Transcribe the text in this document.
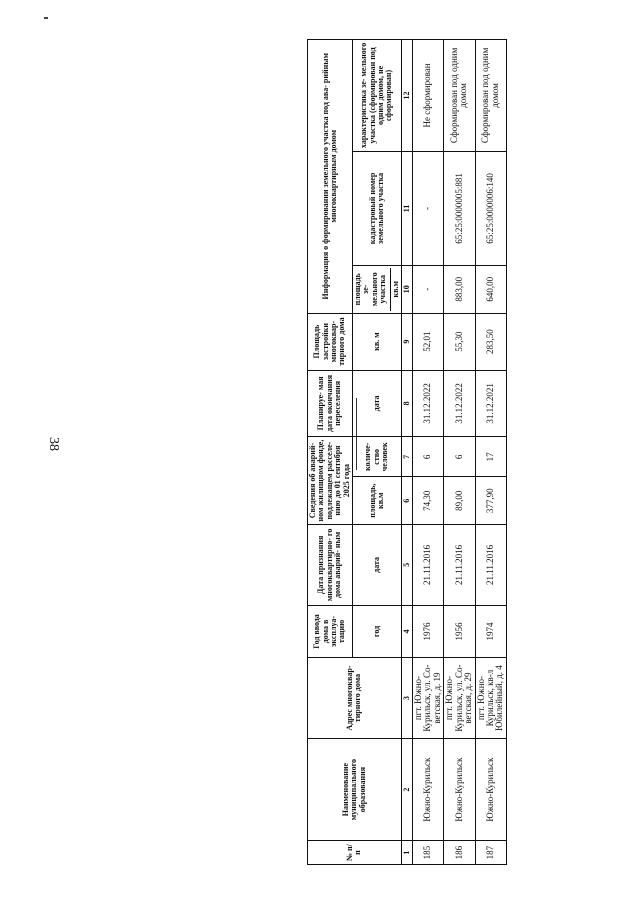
38
№ п/п	Наименование муниципального образования	Адрес многоквар- тирного дома	Год ввода дома в эксплуа- тацию	Дата признания многоквартирно- го дома аварий- ным	Сведения об аварий- ном жилищном фонде, подлежащем расселе- нию до 01 сентября 2025 года		Планируе- мая дата окончания переселения	Площадь застройки многоквар- тирного дома	Информация о формировании земельного участка под ава- рийным многоквартирным домом		
			год	дата	площадь, кв.м	количе- ство человек	дата	кв. м	площадь зе- мельного участка кв.м	кадастровый номер земельного участка	характеристика зе- мельного участка (сформирован под одним домом, не сформирован)
1	2	3	4	5	6	7	8	9	10	11	12
185	Южно-Курильск	пгт. Южно- Курильск, ул. Со- ветская, д. 19	1976	21.11.2016	74,30	6	31.12.2022	52,01	-	-	Не сформирован
186	Южно-Курильск	пгт. Южно- Курильск, ул. Со- ветская, д. 29	1956	21.11.2016	89,00	6	31.12.2022	55,30	883,00	65:25:0000005:881	Сформирован под одним домом
187	Южно-Курильск	пгт. Южно- Курильск, кв-л Юбилейный, д. 4	1974	21.11.2016	377,90	17	31.12.2021	283,50	640,00	65:25:0000006:140	Сформирован под одним домом
